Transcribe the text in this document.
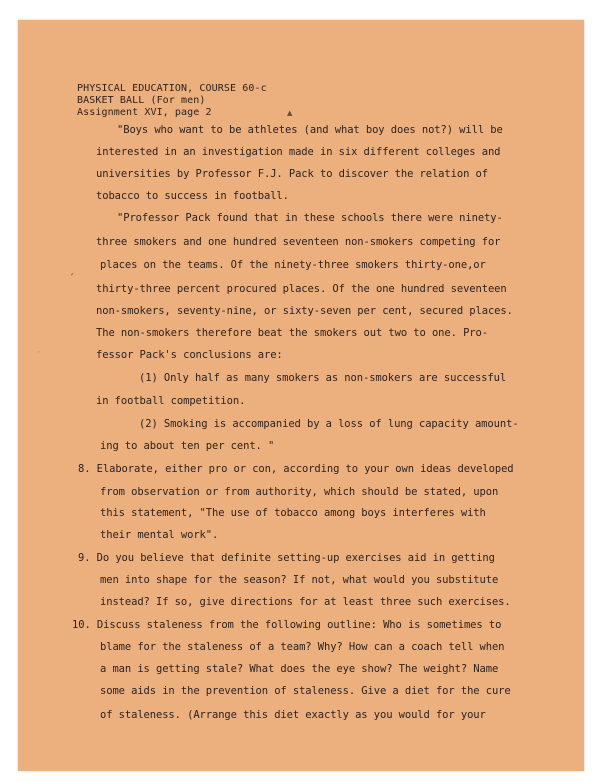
PHYSICAL EDUCATION, COURSE 60-c
BASKET BALL (For men)
Assignment XVI, page 2	▲
′
⋅
"Boys who want to be athletes (and what boy does not?) will be
interested in an investigation made in six different colleges and
universities by Professor F.J. Pack to discover the relation of
tobacco to success in football.
"Professor Pack found that in these schools there were ninety-
three smokers and one hundred seventeen non-smokers competing for
places on the teams. Of the ninety-three smokers thirty-one,or
thirty-three percent procured places. Of the one hundred seventeen
non-smokers, seventy-nine, or sixty-seven per cent, secured places.
The non-smokers therefore beat the smokers out two to one. Pro-
fessor Pack's conclusions are:
(1) Only half as many smokers as non-smokers are successful
in football competition.
(2) Smoking is accompanied by a loss of lung capacity amount-
ing to about ten per cent. "
8. Elaborate, either pro or con, according to your own ideas developed
from observation or from authority, which should be stated, upon
this statement, "The use of tobacco among boys interferes with
their mental work".
9. Do you believe that definite setting-up exercises aid in getting
men into shape for the season? If not, what would you substitute
instead? If so, give directions for at least three such exercises.
10. Discuss staleness from the following outline: Who is sometimes to
blame for the staleness of a team? Why? How can a coach tell when
a man is getting stale? What does the eye show? The weight? Name
some aids in the prevention of staleness. Give a diet for the cure
of staleness. (Arrange this diet exactly as you would for your
